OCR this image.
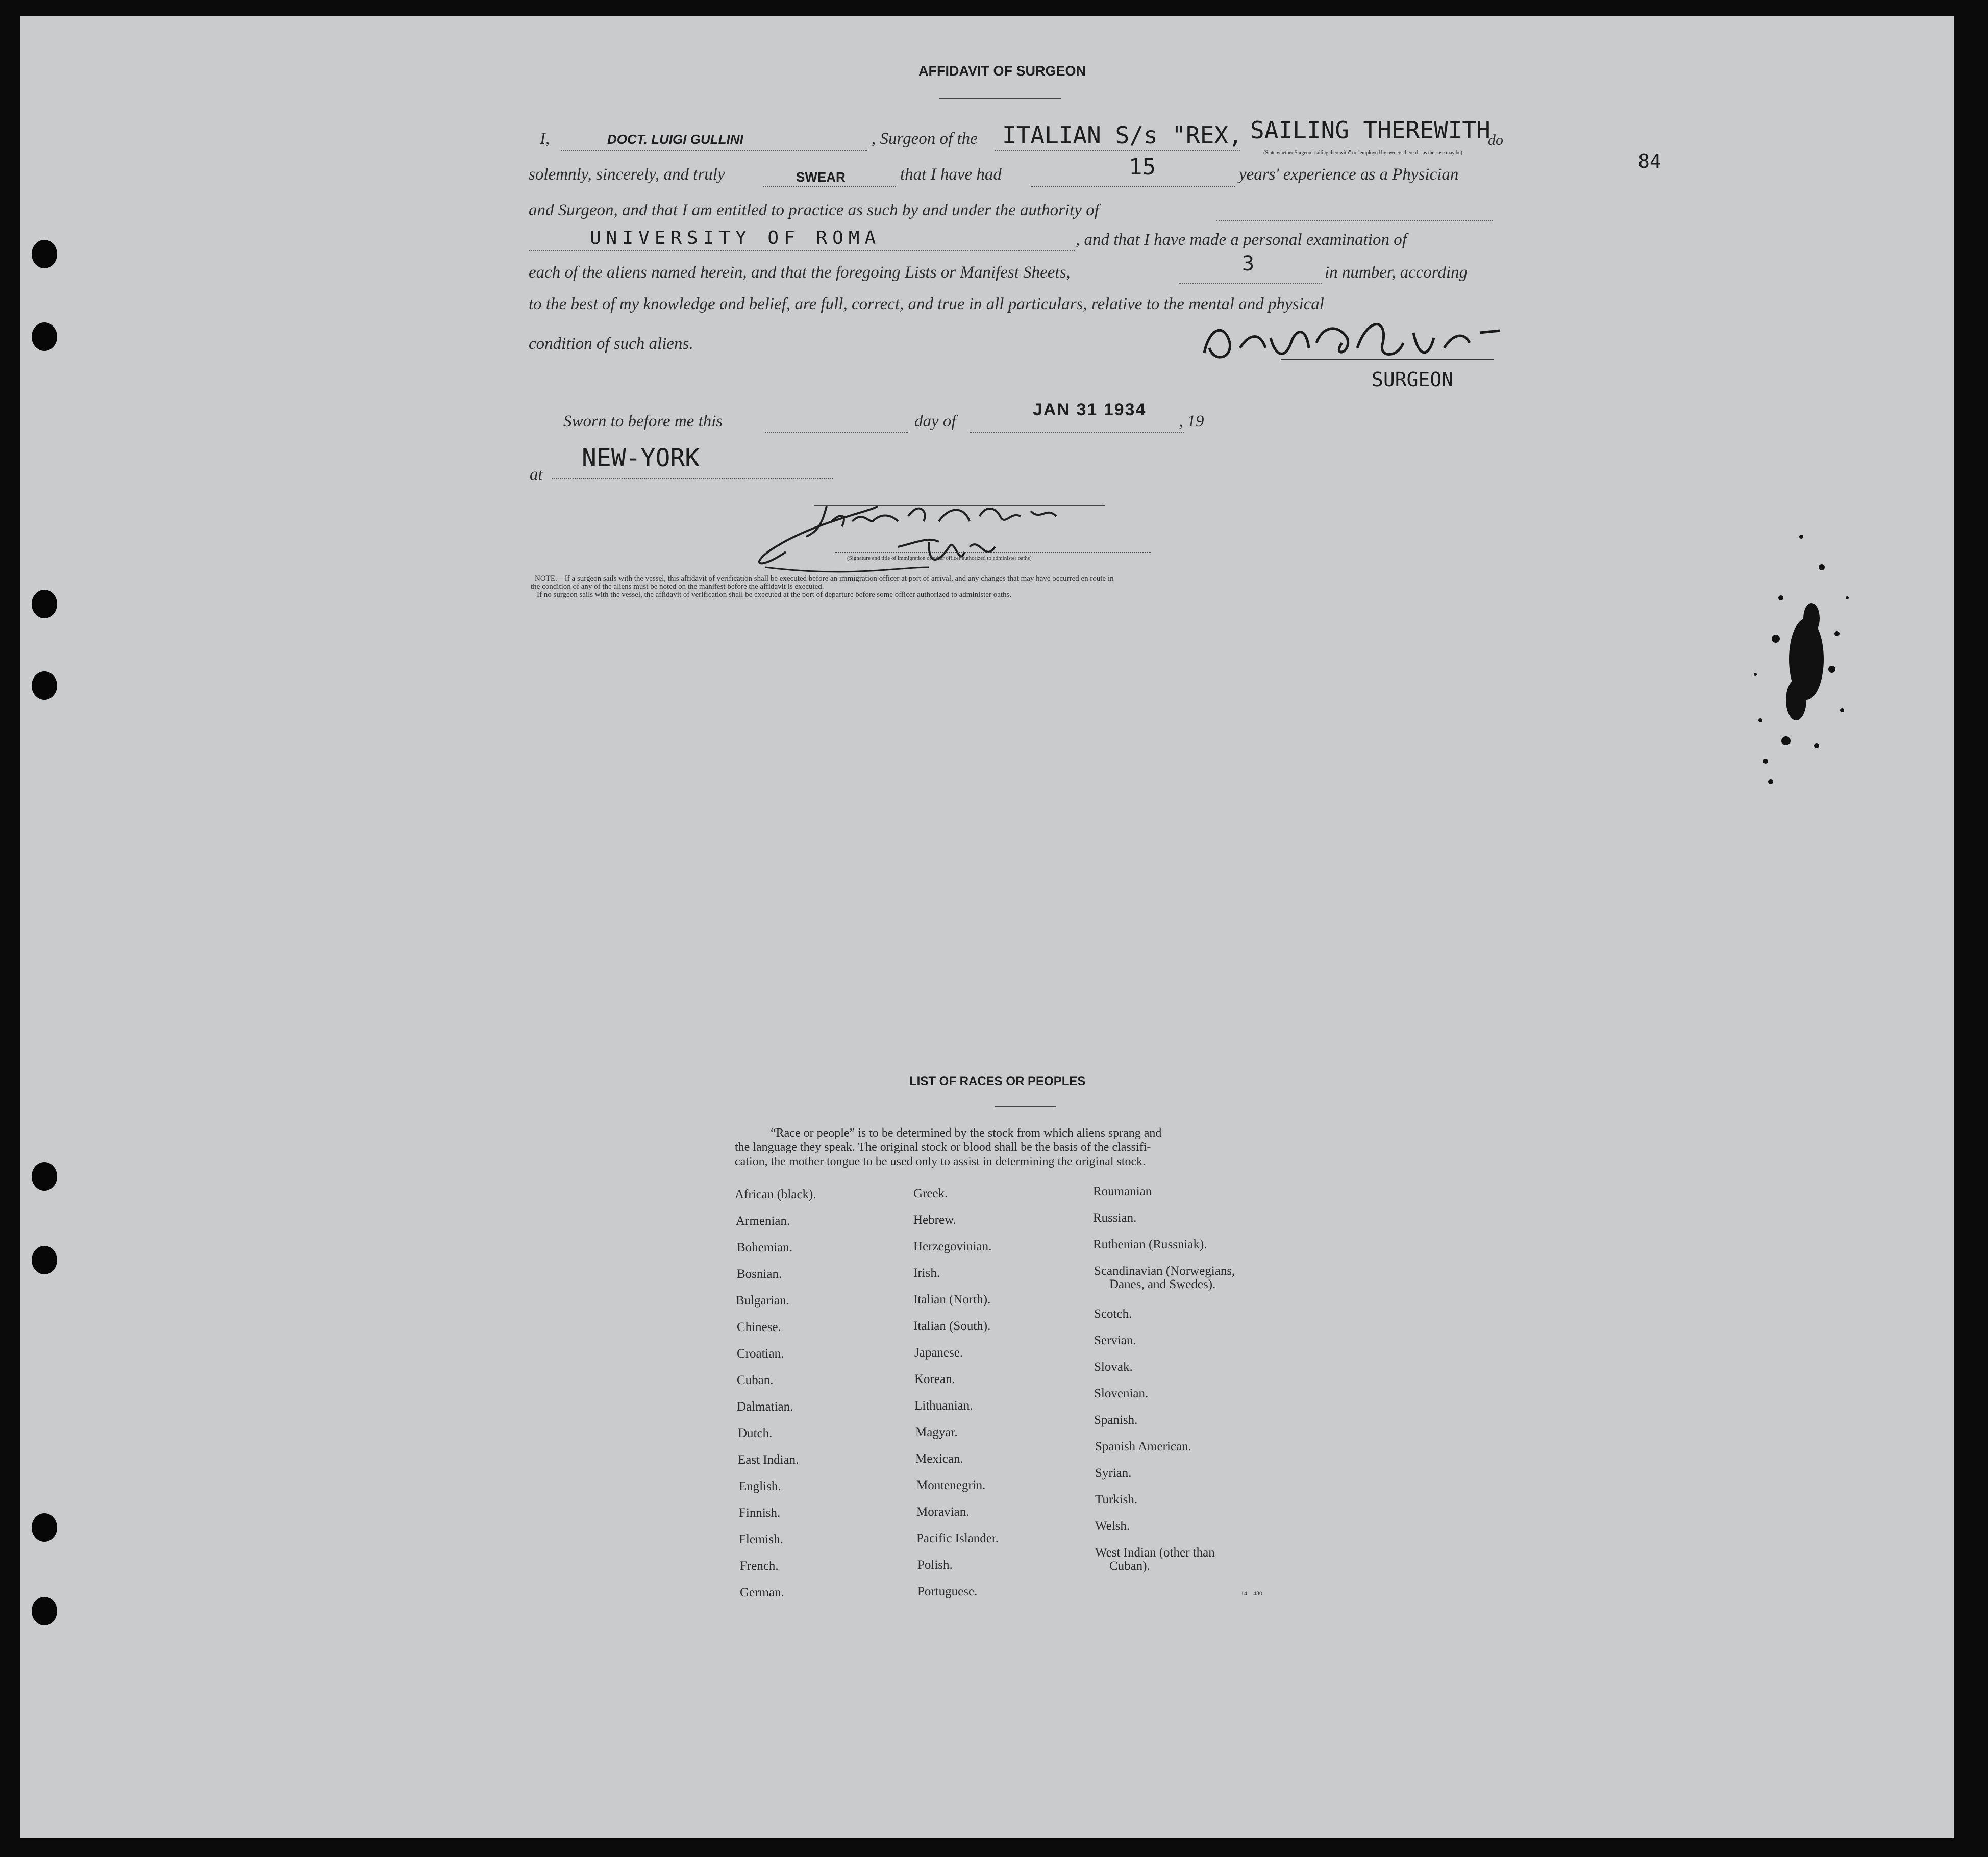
84
AFFIDAVIT OF SURGEON
I,	DOCT. LUIGI GULLINI	, Surgeon of the ITALIAN S/s "REX, SAILING THEREWITH
(State whether Surgeon "sailing therewith" or "employed by owners thereof," as the case may be)
do
solemnly, sincerely, and truly	SWEAR	that I have had	15	years' experience as a Physician
and Surgeon, and that I am entitled to practice as such by and under the authority of
UNIVERSITY OF ROMA	, and that I have made a personal examination of
each of the aliens named herein, and that the foregoing Lists or Manifest Sheets,	3	in number, according
to the best of my knowledge and belief, are full, correct, and true in all particulars, relative to the mental and physical
condition of such aliens.
SURGEON
Sworn to before me this	day of
JAN 31 1934
, 19
at
NEW-YORK
(Signature and title of immigration or other officer authorized to administer oaths)
NOTE.—If a surgeon sails with the vessel, this affidavit of verification shall be executed before an immigration officer at port of arrival, and any changes that may have occurred en route in
the condition of any of the aliens must be noted on the manifest before the affidavit is executed.
If no surgeon sails with the vessel, the affidavit of verification shall be executed at the port of departure before some officer authorized to administer oaths.
LIST OF RACES OR PEOPLES
“Race or people” is to be determined by the stock from which aliens sprang and
the language they speak. The original stock or blood shall be the basis of the classifi-
cation, the mother tongue to be used only to assist in determining the original stock.
African (black).
Armenian.
Bohemian.
Bosnian.
Bulgarian.
Chinese.
Croatian.
Cuban.
Dalmatian.
Dutch.
East Indian.
English.
Finnish.
Flemish.
French.
German.
Greek.
Hebrew.
Herzegovinian.
Irish.
Italian (North).
Italian (South).
Japanese.
Korean.
Lithuanian.
Magyar.
Mexican.
Montenegrin.
Moravian.
Pacific Islander.
Polish.
Portuguese.
Roumanian
Russian.
Ruthenian (Russniak).
Scandinavian (Norwegians,
Danes, and Swedes).
Scotch.
Servian.
Slovak.
Slovenian.
Spanish.
Spanish American.
Syrian.
Turkish.
Welsh.
West Indian (other than
Cuban).
14—430
